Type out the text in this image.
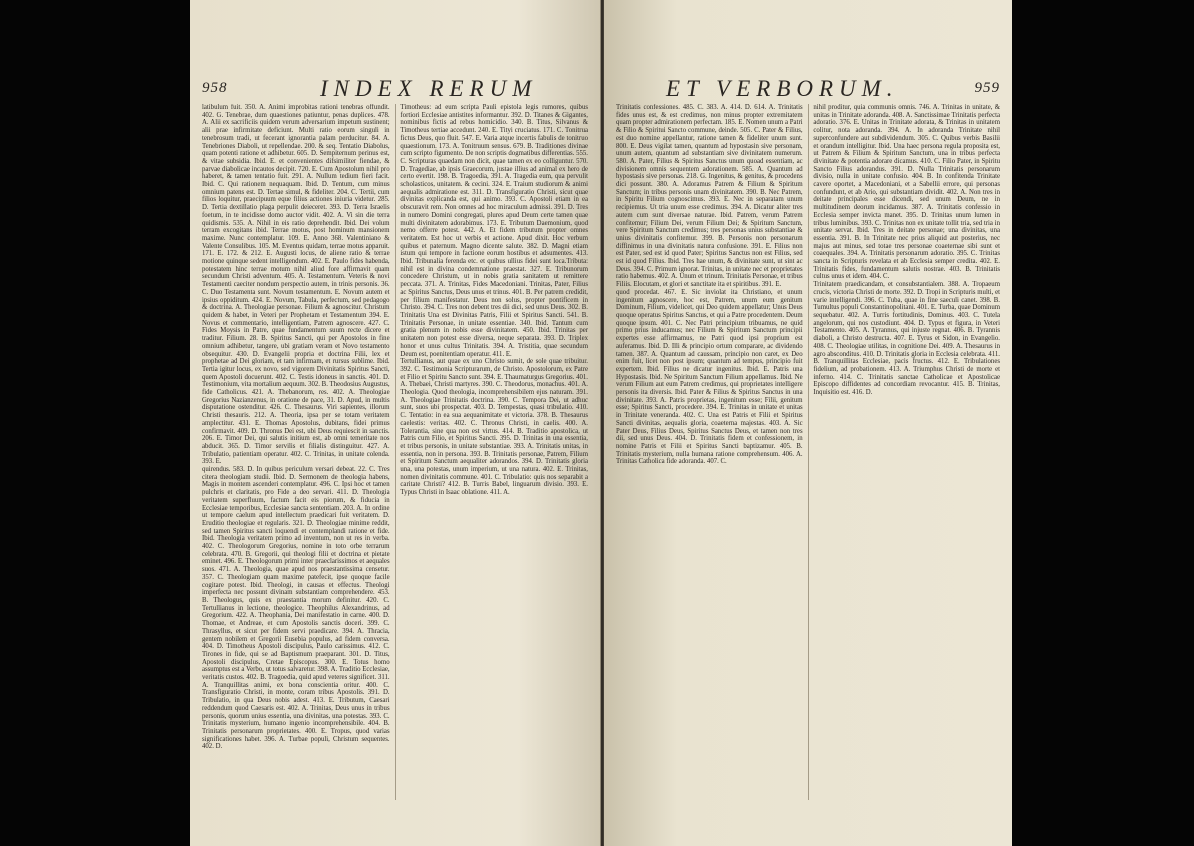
958	INDEX RERUM

latibulum fuit. 350. A. Animi improbitas rationi tenebras offundit. 402. G. Tenebrae, dum quaestiones patiuntur, penas duplices. 478. A. Alii ex sacrificiis quidem verum adversarium impetum sustinent; alii prae infirmitate deficiunt. Multi ratio eorum singuli in tenebrosum tradi, ut fecerant ignorantia palam perducitur. 84. A. Tenebriones Diaboli, ut repellendae. 200. & seq. Tentatio Diabolus, quam potenti ratione et adhibetur. 605. D. Sempiternum perinus est, & vitae subsidia. Ibid. E. et convenientes difsimiliter fiendae, & parvae diabolicae incautos decipit. 720. E. Cum Apostolum nihil pro haberet, & tamen tentatio fuit. 291. A. Nullum tedium fieri facit. Ibid. C. Qui rationem nequaquam. Ibid. D. Tentum, cum minus omnium patens est. D. Tertae simul, & fideliter. 204. C. Tertii, cum filios loquitur, praecipuum eque filius actiones iniuria videtur. 285. D. Tertia dextillatio plaga perpulit deieceret. 393. D. Terra Israelis foetum, in te incidisse domo auctor vidit. 402. A. Vi sin die terra quidismis. 535. A. Nihil in eis ratio deprehendit. Ibid. Dei volum terram excogitans ibid. Terrae motus, post hominum mansionem maxime. Nunc contemplatur. 109. E. Anno 368. Valentiniano & Valente Consulibus. 105. M. Eventus quidam, terrae motus apparuit. 171. E. 172. & 212. E. Augusti locus, de aliene ratio & terrae motione quinque sedent intelligendum. 402. E. Paulo fides habenda, potestatem hinc terrae motum nihil aliud fore affirmavit quam secundum Christi adventum. 405. A. Testamentum. Veteris & novi Testamenti caeciter nondum perspectio autem, in trinis personis. 36. C. Duo Testamenta sunt. Novum testamentum. E. Novum autem et ipsius oppiditum. 424. E. Novum, Tabula, perfectum, sed pedagogo & doctrina. A. Theologiae personae. Filium & agnoscitur. Christum quidem & habet, in Veteri per Prophetam et Testamentum 394. E. Novus et commentario, intelligentiam, Patrem agnoscere. 427. C. Fides Moysis in Patre, quae fundamentum suum recte dicere et traditur. Filium. 28. B. Spiritus Sancti, qui per Apostolos in fine omnium adhibetur, tangere, ubi gratiam veram et Novo testamento obsequitur. 430. D. Evangelii propria et doctrina Filii, lex et prophetae ad Dei gloriam, et tam infirmam, et rursus sublime. Ibid. Tertia igitur locus, ex novo, sed vigorem Divinitatis Spiritus Sancti, quem Apostoli docuerunt. 402. C. Testis idoneus in sanctis. 401. D. Testimonium, vita mortalium aequum. 302. B. Theodosius Augustus, fide Catholicus. 421. A. Thebanorum, res. 402. A. Theologiae Gregorius Nazianzenus, in oratione de pace, 31. D. Apud, in multis disputatione ostenditur. 426. C. Thesaurus. Viri sapientes, illorum Christi thesauris. 212. A. Theoria, ipsa per se totam veritatem amplectitur. 431. E. Thomas Apostolus, dubitans, fidei primus confirmavit. 409. D. Thronus Dei est, ubi Deus requiescit in sanctis. 206. E. Timor Dei, qui salutis initium est, ab omni temeritate nos abducit. 365. D. Timor servilis et filialis distinguitur. 427. A. Tribulatio, patientiam operatur. 402. C. Trinitas, in unitate colenda. 393. E.

quirendus. 583. D. In quibus periculum versari debeat. 22. C. Tres citera theologiam studii. Ibid. D. Sermonem de theologia habens, Magis in montem ascenderi contemplatur. 496. C. Ipsi hoc et tamen pulchris et claritatis, pro Fide a deo servari. 411. D. Theologia veritatem superfluum, factum facit eis piorum, & fiducia in Ecclesiae temporibus, Ecclesiae sancta sententiam. 203. A. In ordine ut tempore caelum apud intellectum praedicari fuit veritatem. D. Eruditio theologiae et regularis. 321. D. Theologiae minime reddit, sed tamen Spiritus sancti loquendi et contemplandi ratione et fide. Ibid. Theologia veritatem primo ad inventum, non ut res in verba. 402. C. Theologorum Gregorius, nomine in toto orbe terrarum celebrata. 470. B. Gregorii, qui theologi filii et doctrina et pietate eminet. 496. E. Theologorum primi inter praeclarissimos et aequales suos. 471. A. Theologia, quae apud nos praestantissima censetur. 357. C. Theologiam quam maxime patefecit, ipse quoque facile cogitare potest. Ibid. Theologi, in causas et effectus. Theologi imperfecta nec possunt divinam substantiam comprehendere. 453. B. Theologus, quis ex praestantia morum definitur. 420. C. Tertullianus in lectione, theologice. Theophilus Alexandrinus, ad Gregorium. 422. A. Theophania, Dei manifestatio in carne. 400. D. Thomae, et Andreae, et cum Apostolis sanctis doceri. 399. C. Thrasyllus, et sicut per fidem servi praedicare. 394. A. Thracia, gentem nobilem et Gregorii Eusebia populus, ad fidem conversa. 404. D. Timotheus Apostoli discipulus, Paulo carissimus. 412. C. Tirones in fide, qui se ad Baptismum praeparant. 301. D. Titus, Apostoli discipulus, Cretae Episcopus. 300. E. Totus homo assumptus est a Verbo, ut totus salvaretur. 398. A. Traditio Ecclesiae, veritatis custos. 402. B. Tragoedia, quid apud veteres significet. 311. A. Tranquillitas animi, ex bona conscientia oritur. 400. C. Transfiguratio Christi, in monte, coram tribus Apostolis. 391. D. Tribulatio, in qua Deus nobis adest. 413. E. Tributum, Caesari reddendum quod Caesaris est. 402. A. Trinitas, Deus unus in tribus personis, quorum unius essentia, una divinitas, una potestas. 393. C. Trinitatis mysterium, humano ingenio incomprehensibile. 404. B. Trinitatis personarum proprietates. 400. E. Tropus, quod varias significationes habet. 396. A. Turbae populi, Christum sequentes. 402. D.

Timotheus: ad eum scripta Pauli epistola legis rumores, quibus fortiori Ecclesiae antistites informantur. 392. D. Titanes & Gigantes, nominibus fictis ad rebus homicidio. 340. B. Titus, Silvanus & Timotheus tertiae accedunt. 240. E. Tityi cruciatus. 171. C. Tonitrua fictus Deus, quo fluit. 547. E. Varia atque incertis fabulis de tonitruo quaestionum. 173. A. Tonitruum sensus. 679. B. Traditiones divinae cum scripto figumento. De non scriptis dogmatibus differentias. 555. C. Scripturas quaedam non dicit, quae tamen ex eo colliguntur. 570. D. Tragediae, ab ipsis Graecorum, justae illius ad animal ex hero de certo evertit. 198. B. Tragoedia, 391. A. Tragedia eum, qua pervulit scholasticos, unitatem. & cecini. 324. E. Traium studiorum & animi aequalis admiratione est. 311. D. Transfiguratio Christi, sicut quae divinitas explicanda est, qui animo. 393. C. Apostoli etiam in ea obscuravit rem. Non omnes ad hoc miraculum admissi. 391. D. Tres in numero Domini congregati, plures apud Deum certe tamen quae multi divinitatem adorabimus. 173. E. Tributum Daemonium, quod nemo offerre potest. 442. A. Et fidem tributum propter omnes veritatem. Est hoc ut verbis et actione. Apud dixit. Hoc verbum quibus et paternum. Magno dicente salute. 382. D. Magni etiam istum qui tempore in factione eorum hostibus et adsumentes. 413. Ibid. Tribunalia ferenda etc. et quibus ullius fidei sunt loca.Tributa: nihil est in divina condemnatione praestat. 327. E. Tribunorum concedere Christum, ut in nobis gratia sanitatem ut remittere peccata. 371. A. Trinitas, Fides Macedoniani. Trinitas, Pater, Filius ac Spiritus Sanctus, Deus unus et trinus. 401. B. Per patrem credidit, per filium manifestatur. Deus non solus, propter pontificem in Christo. 394. C. Tres non debent tres dii dici, sed unus Deus. 302. B. Trinitatis Una est Divinitas Patris, Filii et Spiritus Sancti. 541. B. Trinitatis Personae, in unitate essentiae. 340. Ibid. Tantum cum gratia plenum in nobis esse divinitatem. 450. Ibid. Trinitas per unitatem non potest esse diversa, neque separata. 393. D. Triplex honor et unus cultus Trinitatis. 394. A. Tristitia, quae secundum Deum est, poenitentiam operatur. 411. E.

Tertullianus, aut quae ex uno Christo sumit, de sole quae tribuitur. 392. C. Testimonia Scripturarum, de Christo. Apostolorum, ex Patre et Filio et Spiritu Sancto sunt. 394. E. Thaumaturgus Gregorius. 401. A. Thebaei, Christi martyres. 390. C. Theodorus, monachus. 401. A. Theologia. Quod theologia, incomprehensibilem ejus naturam. 391. A. Theologiae Trinitatis doctrina. 390. C. Tempora Dei, ut adhuc sunt, suos ubi prospectat. 403. D. Tempestas, quasi tribulatio. 410. C. Tentatio: in ea sua aequanimitate et victoria. 378. B. Thesaurus caelestis: veritas. 402. C. Thronus Christi, in caelis. 400. A. Tolerantia, sine qua non est virtus. 414. B. Traditio apostolica, ut Patris cum Filio, et Spiritus Sancti. 395. D. Trinitas in una essentia, et tribus personis, in unitate substantiae. 393. A. Trinitatis unitas, in essentia, non in persona. 393. B. Trinitatis personae, Patrem, Filium et Spiritum Sanctum aequaliter adorandos. 394. D. Trinitatis gloria una, una potestas, unum imperium, ut una natura. 402. E. Trinitas, nomen divinitatis commune. 401. C. Tribulatio: quis nos separabit a caritate Christi? 412. B. Turris Babel, linguarum divisio. 393. E. Typus Christi in Isaac oblatione. 411. A.

ET VERBORUM.	959

Trinitatis confessiones. 485. C. 383. A. 414. D. 614. A. Trinitatis fides unus est, & est credimus, non minus propter extremitatem quam propter admirationem perfectam. 185. E. Nomen unum a Patri & Filio & Spiritui Sancto commune, deinde. 505. C. Pater & Filius, est duo nomine appellantur, ratione tamen & fideliter unum sunt. 800. E. Deus vigilat tamen, quantum ad hypostasin sive personam, unum autem, quantum ad substantiam sive divinitatem numerum. 580. A. Pater, Filius & Spiritus Sanctus unum quoad essentiam, ac divisionem omnis sequentem adorationem. 585. A. Quantum ad hypostasis sive personas. 218. G. Ingenitus, & genitus, & procedens dici possunt. 380. A. Adoramus Patrem & Filium & Spiritum Sanctum; in tribus personis unam divinitatem. 390. B. Nec Patrem, in Spiritu Filium cognoscimus. 393. E. Nec in separatam unum recipiemus. Ut tria unum esse credimus. 394. A. Dicatur aliter tres autem cum sunt diversae naturae. Ibid. Patrem, verum Patrem confitemur; Filium Dei, verum Filium Dei; & Spiritum Sanctum, vere Spiritum Sanctum credimus; tres personas unius substantiae & unius divinitatis confitemur. 399. B. Personis non personarum diffinimus in una divinitatis natura confusione. 391. E. Filius non est Pater, sed est id quod Pater; Spiritus Sanctus non est Filius, sed est id quod Filius. Ibid. Tres hae unum, & divinitate sunt, ut sint ac Deus. 394. C. Primum ignorat. Trinitas, in unitate nec et proprietates ratio habemus. 402. A. Unum et trinum. Trinitatis Personae, et tribus Filiis. Elocutam, et glori et sanctitate ita et spiritibus. 391. E.

quod procedat. 467. E. Sic inviolat ita Christiano, et unum ingenitum agnoscere, hoc est, Patrem, unum eum genitum Dominum, Filium, videlicet, qui Deo quidem appellatur; Unus Deus quoque operatus Spiritus Sanctus, et qui a Patre procedentem. Deum quoque ipsum. 401. C. Nec Patri principium tribuamus, ne quid primo prius inducamus; nec Filium & Spiritum Sanctum principii expertes esse affirmamus, ne Patri quod ipsi proprium est auferamus. Ibid. D. Illi & principio ortum comparare, ac dividendo tamen. 387. A. Quantum ad caussam, principio non caret, ex Deo enim fuit, licet non post ipsum; quantum ad tempus, principio fuit expertem. Ibid. Filius ne dicatur ingenitus. Ibid. E. Patris una Hypostasis. Ibid. Ne Spiritum Sanctum Filium appellamus. Ibid. Ne verum Filium aut eum Patrem credimus, qui proprietates intelligere personis ita diversis. Ibid. Pater & Filius & Spiritus Sanctus in una divinitate. 393. A. Patris proprietas, ingenitum esse; Filii, genitum esse; Spiritus Sancti, procedere. 394. E. Trinitas in unitate et unitas in Trinitate veneranda. 402. C. Una est Patris et Filii et Spiritus Sancti divinitas, aequalis gloria, coaeterna majestas. 403. A. Sic Pater Deus, Filius Deus, Spiritus Sanctus Deus, et tamen non tres dii, sed unus Deus. 404. D. Trinitatis fidem et confessionem, in nomine Patris et Filii et Spiritus Sancti baptizamur. 405. B. Trinitatis mysterium, nulla humana ratione comprehensum. 406. A. Trinitas Catholica fide adoranda. 407. C.

nihil proditur, quia communis omnis. 746. A. Trinitas in unitate, & unitas in Trinitate adoranda. 408. A. Sanctissimae Trinitatis perfecta adoratio. 376. E. Unitas in Trinitate adorata, & Trinitas in unitatem colitur, nota adoranda. 394. A. In adoranda Trinitate nihil superconfundere aut subdividendum. 305. C. Quibus verbis Basilii et orandum intelligitur. Ibid. Una haec persona regula proposita est, ut Patrem & Filium & Spiritum Sanctum, una in tribus perfecta divinitate & potentia adorare dicamus. 410. C. Filio Pater, in Spiritu Sancto Filius adorandus. 391. D. Nulla Trinitatis personarum divisio, nulla in unitate confusio. 404. B. In confitenda Trinitate cavere oportet, a Macedoniani, et a Sabellii errore, qui personas confundunt, et ab Ario, qui substantiam dividit. 402. A. Non tres in deitate principales esse dicendi, sed unum Deum, ne in multitudinem deorum incidamus. 387. A. Trinitatis confessio in Ecclesia semper invicta manet. 395. D. Trinitas unum lumen in tribus luminibus. 393. C. Trinitas non ex unitate tollit tria, sed tria in unitate servat. Ibid. Tres in deitate personae; una divinitas, una essentia. 391. B. In Trinitate nec prius aliquid aut posterius, nec majus aut minus, sed totae tres personae coaeternae sibi sunt et coaequales. 394. A. Trinitatis personarum adoratio. 395. C. Trinitas sancta in Scripturis revelata et ab Ecclesia semper credita. 402. E. Trinitatis fides, fundamentum salutis nostrae. 403. B. Trinitatis cultus unus et idem. 404. C.

Trinitatem praedicandam, et consubstantialem. 388. A. Tropaeum crucis, victoria Christi de morte. 392. D. Tropi in Scripturis multi, et varie intelligendi. 396. C. Tuba, quae in fine saeculi canet. 398. B. Tumultus populi Constantinopolitani. 401. E. Turba, quae Dominum sequebatur. 402. A. Turris fortitudinis, Dominus. 403. C. Tutela angelorum, qui nos custodiunt. 404. D. Typus et figura, in Veteri Testamento. 405. A. Tyrannus, qui injuste regnat. 406. B. Tyrannis diaboli, a Christo destructa. 407. E. Tyrus et Sidon, in Evangelio. 408. C. Theologiae utilitas, in cognitione Dei. 409. A. Thesaurus in agro absconditus. 410. D. Trinitatis gloria in Ecclesia celebrata. 411. B. Tranquillitas Ecclesiae, pacis fructus. 412. E. Tribulationes fidelium, ad probationem. 413. A. Triumphus Christi de morte et inferno. 414. C. Trinitatis sanctae Catholicae et Apostolicae Episcopo diffidentes ad concordiam revocantur. 415. B. Trinitas, Inquisitio est. 416. D.
